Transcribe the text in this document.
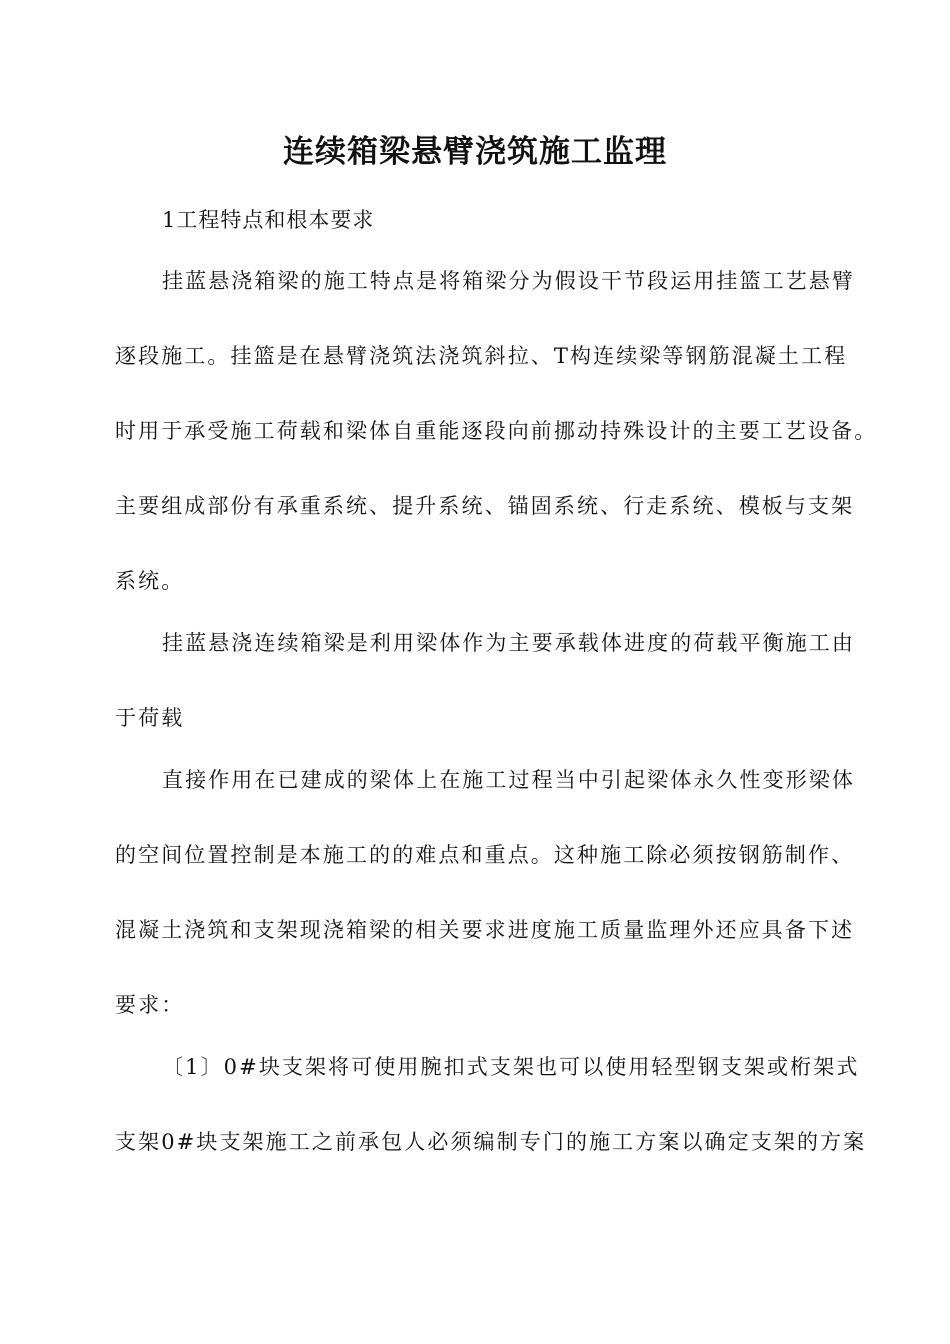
连续箱梁悬臂浇筑施工监理

1工程特点和根本要求

挂蓝悬浇箱梁的施工特点是将箱梁分为假设干节段运用挂篮工艺悬臂

逐段施工。挂篮是在悬臂浇筑法浇筑斜拉、T构连续梁等钢筋混凝土工程

时用于承受施工荷载和梁体自重能逐段向前挪动持殊设计的主要工艺设备。

主要组成部份有承重系统、提升系统、锚固系统、行走系统、模板与支架

系统。

挂蓝悬浇连续箱梁是利用梁体作为主要承载体进度的荷载平衡施工由

于荷载

直接作用在已建成的梁体上在施工过程当中引起梁体永久性变形梁体

的空间位置控制是本施工的的难点和重点。这种施工除必须按钢筋制作、

混凝土浇筑和支架现浇箱梁的相关要求进度施工质量监理外还应具备下述

要求：

〔1〕0#块支架将可使用腕扣式支架也可以使用轻型钢支架或桁架式

支架0#块支架施工之前承包人必须编制专门的施工方案以确定支架的方案
